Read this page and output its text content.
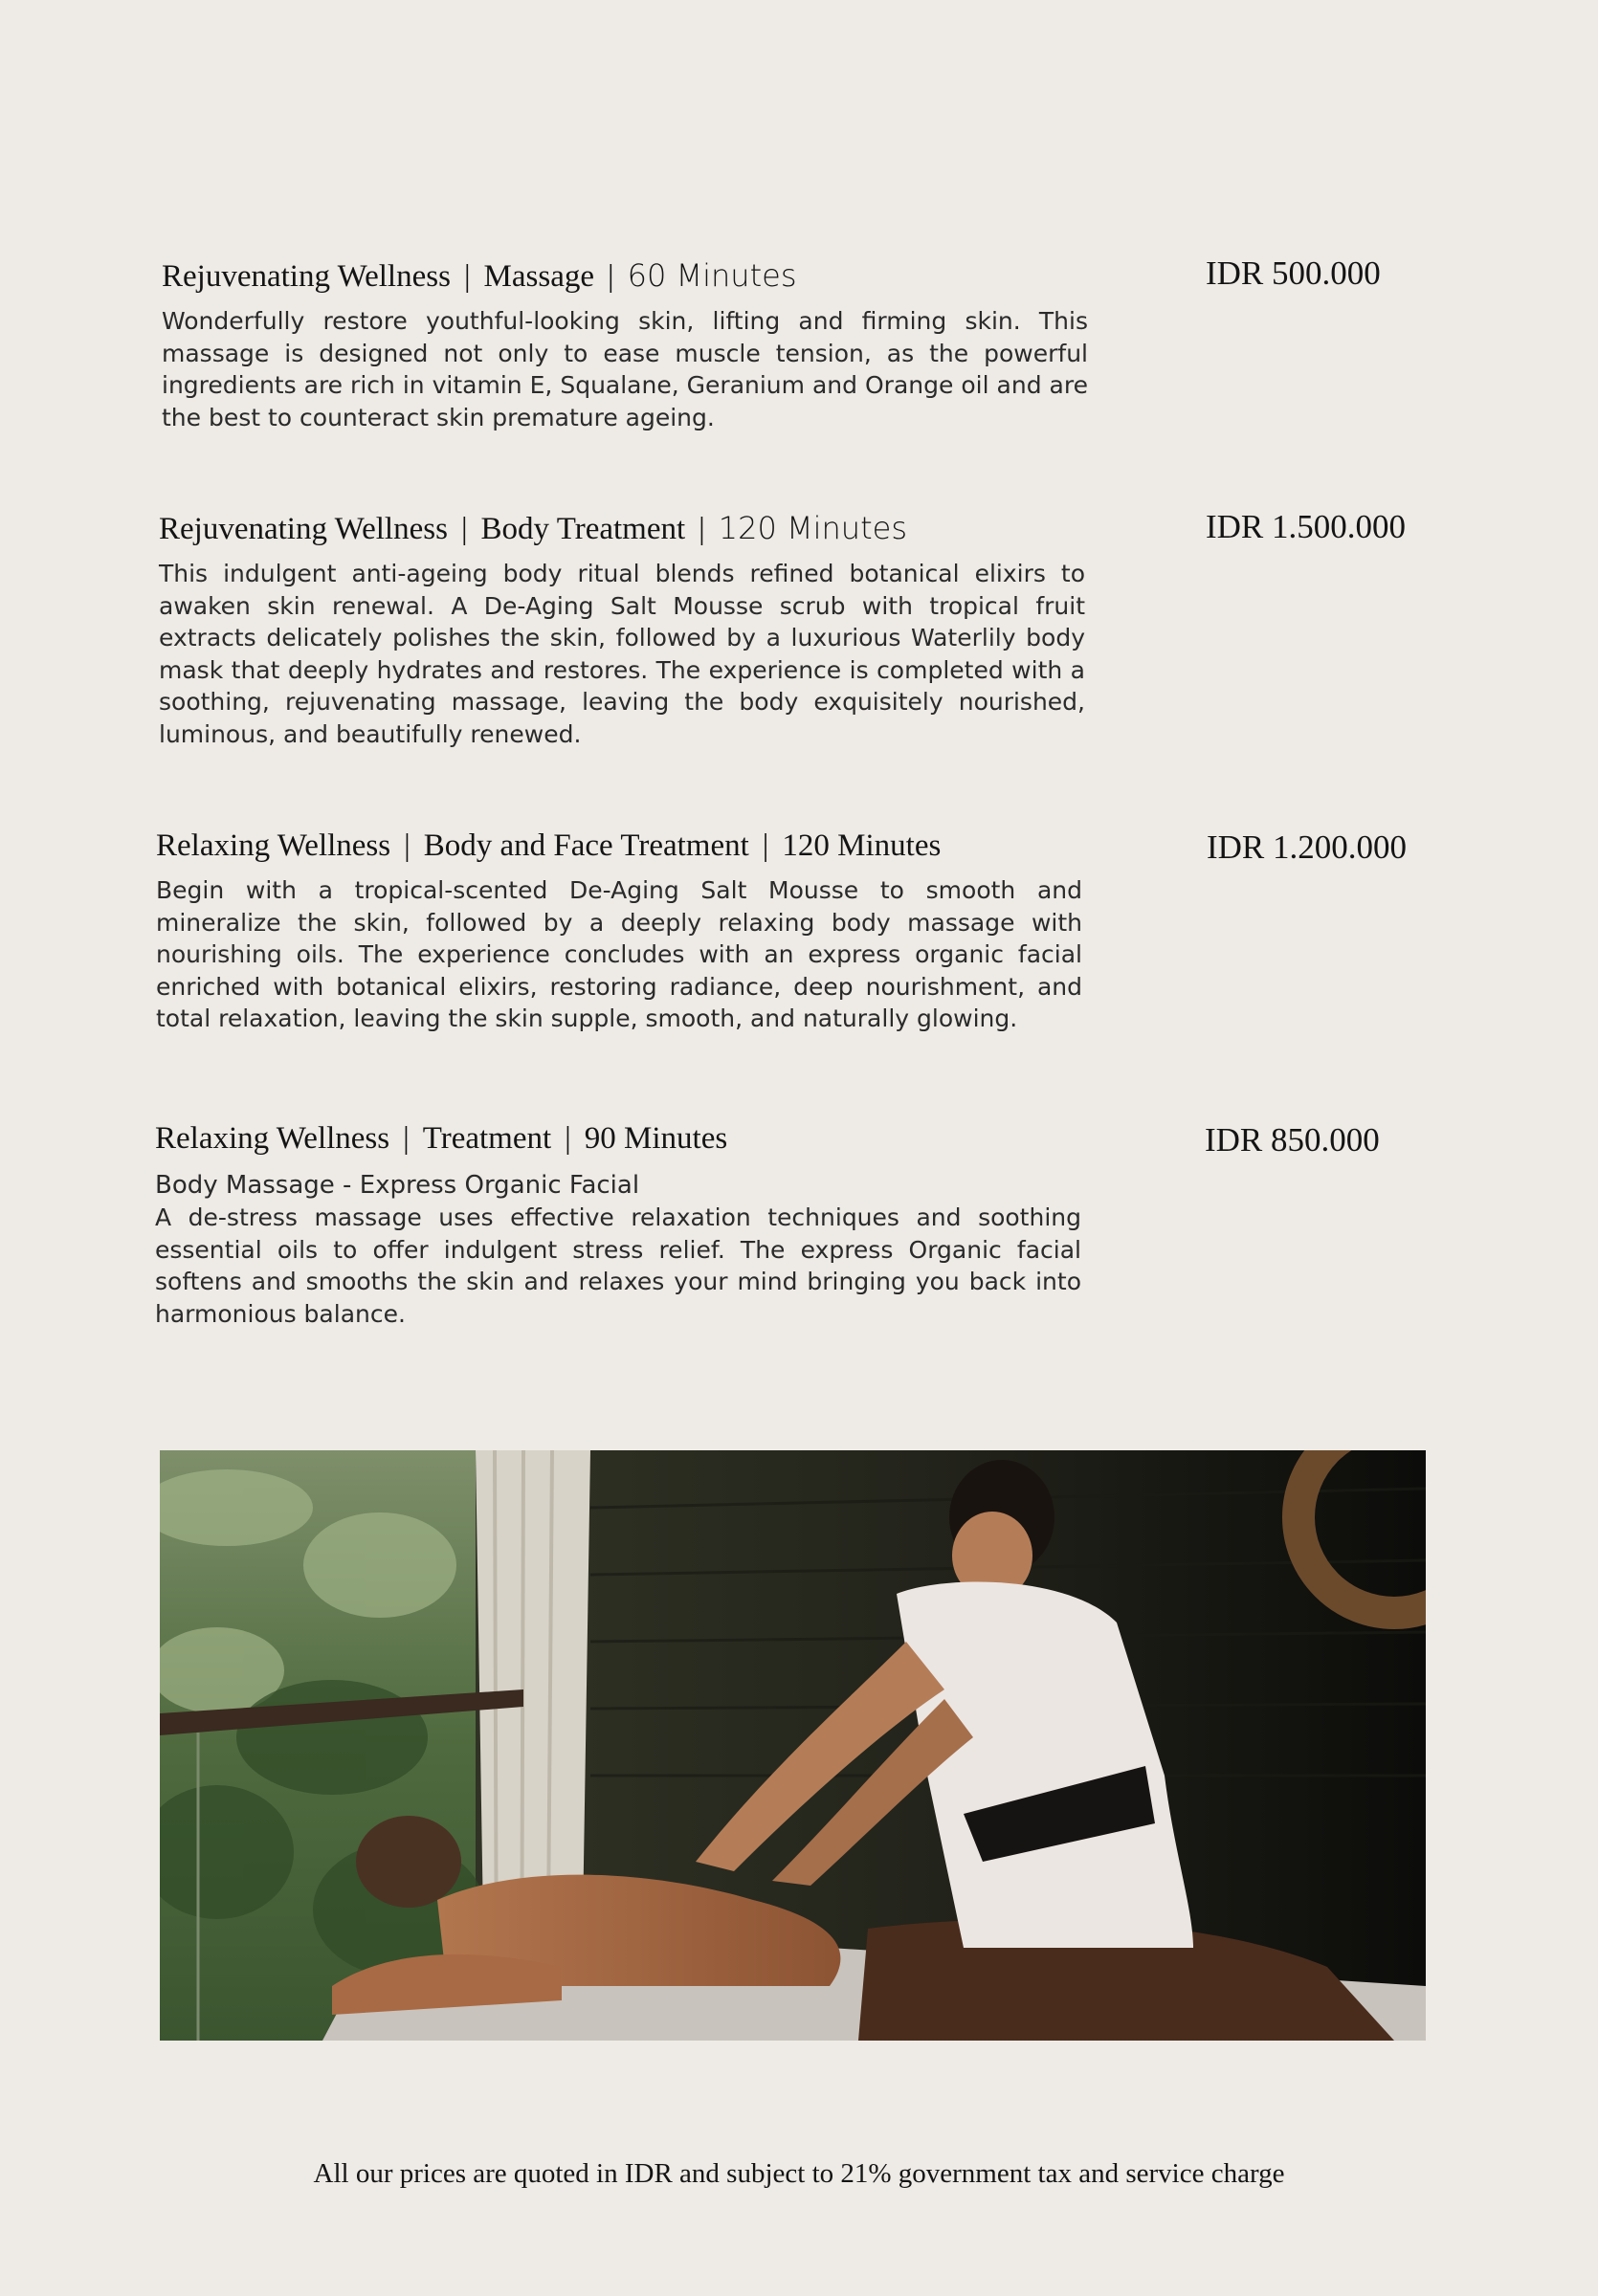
Rejuvenating Wellness | Massage | 60 Minutes
Wonderfully restore youthful-looking skin, lifting and firming skin. This massage is designed not only to ease muscle tension, as the powerful ingredients are rich in vitamin E, Squalane, Geranium and Orange oil and are the best to counteract skin premature ageing.
IDR 500.000
Rejuvenating Wellness | Body Treatment | 120 Minutes
This indulgent anti-ageing body ritual blends refined botanical elixirs to awaken skin renewal. A De-Aging Salt Mousse scrub with tropical fruit extracts delicately polishes the skin, followed by a luxurious Waterlily body mask that deeply hydrates and restores. The experience is completed with a soothing, rejuvenating massage, leaving the body exquisitely nourished, luminous, and beautifully renewed.
IDR 1.500.000
Relaxing Wellness | Body and Face Treatment | 120 Minutes
Begin with a tropical-scented De-Aging Salt Mousse to smooth and mineralize the skin, followed by a deeply relaxing body massage with nourishing oils. The experience concludes with an express organic facial enriched with botanical elixirs, restoring radiance, deep nourishment, and total relaxation, leaving the skin supple, smooth, and naturally glowing.
IDR 1.200.000
Relaxing Wellness | Treatment | 90 Minutes
Body Massage - Express Organic Facial
A de-stress massage uses effective relaxation techniques and soothing essential oils to offer indulgent stress relief. The express Organic facial softens and smooths the skin and relaxes your mind bringing you back into harmonious balance.
IDR 850.000
All our prices are quoted in IDR and subject to 21% government tax and service charge
